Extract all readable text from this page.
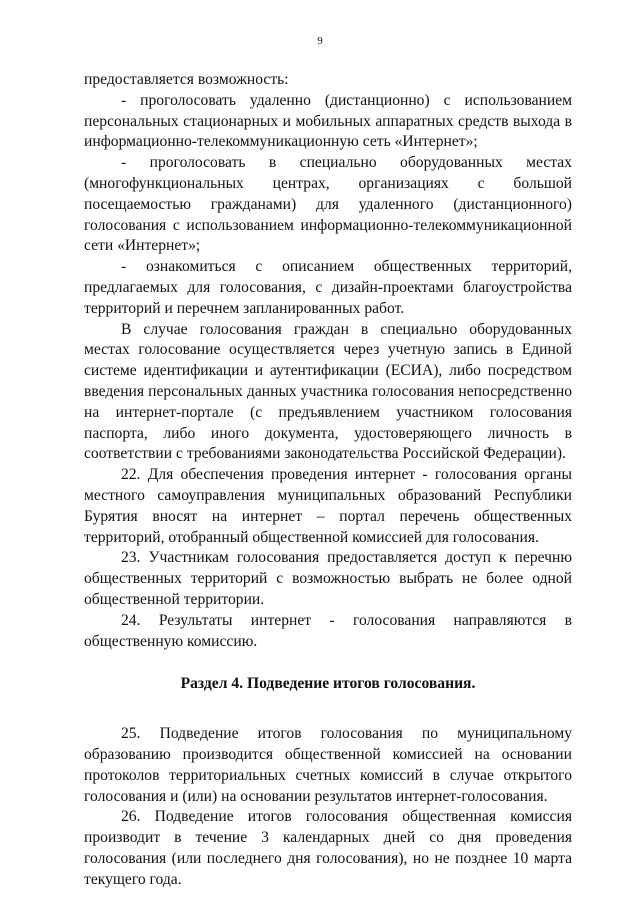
9

предоставляется возможность:

- проголосовать удаленно (дистанционно) с использованием персональных стационарных и мобильных аппаратных средств выхода в информационно-телекоммуникационную сеть «Интернет»;

- проголосовать в специально оборудованных местах (многофункциональных центрах, организациях с большой посещаемостью гражданами) для удаленного (дистанционного) голосования с использованием информационно-телекоммуникационной сети «Интернет»;

- ознакомиться с описанием общественных территорий, предлагаемых для голосования, с дизайн-проектами благоустройства территорий и перечнем запланированных работ.

В случае голосования граждан в специально оборудованных местах голосование осуществляется через учетную запись в Единой системе идентификации и аутентификации (ЕСИА), либо посредством введения персональных данных участника голосования непосредственно на интернет-портале (с предъявлением участником голосования паспорта, либо иного документа, удостоверяющего личность в соответствии с требованиями законодательства Российской Федерации).

22. Для обеспечения проведения интернет - голосования органы местного самоуправления муниципальных образований Республики Бурятия вносят на интернет – портал перечень общественных территорий, отобранный общественной комиссией для голосования.

23. Участникам голосования предоставляется доступ к перечню общественных территорий с возможностью выбрать не более одной общественной территории.

24. Результаты интернет - голосования направляются в общественную комиссию.

Раздел 4. Подведение итогов голосования.

25. Подведение итогов голосования по муниципальному образованию производится общественной комиссией на основании протоколов территориальных счетных комиссий в случае открытого голосования и (или) на основании результатов интернет-голосования.

26. Подведение итогов голосования общественная комиссия производит в течение 3 календарных дней со дня проведения голосования (или последнего дня голосования), но не позднее 10 марта текущего года.
